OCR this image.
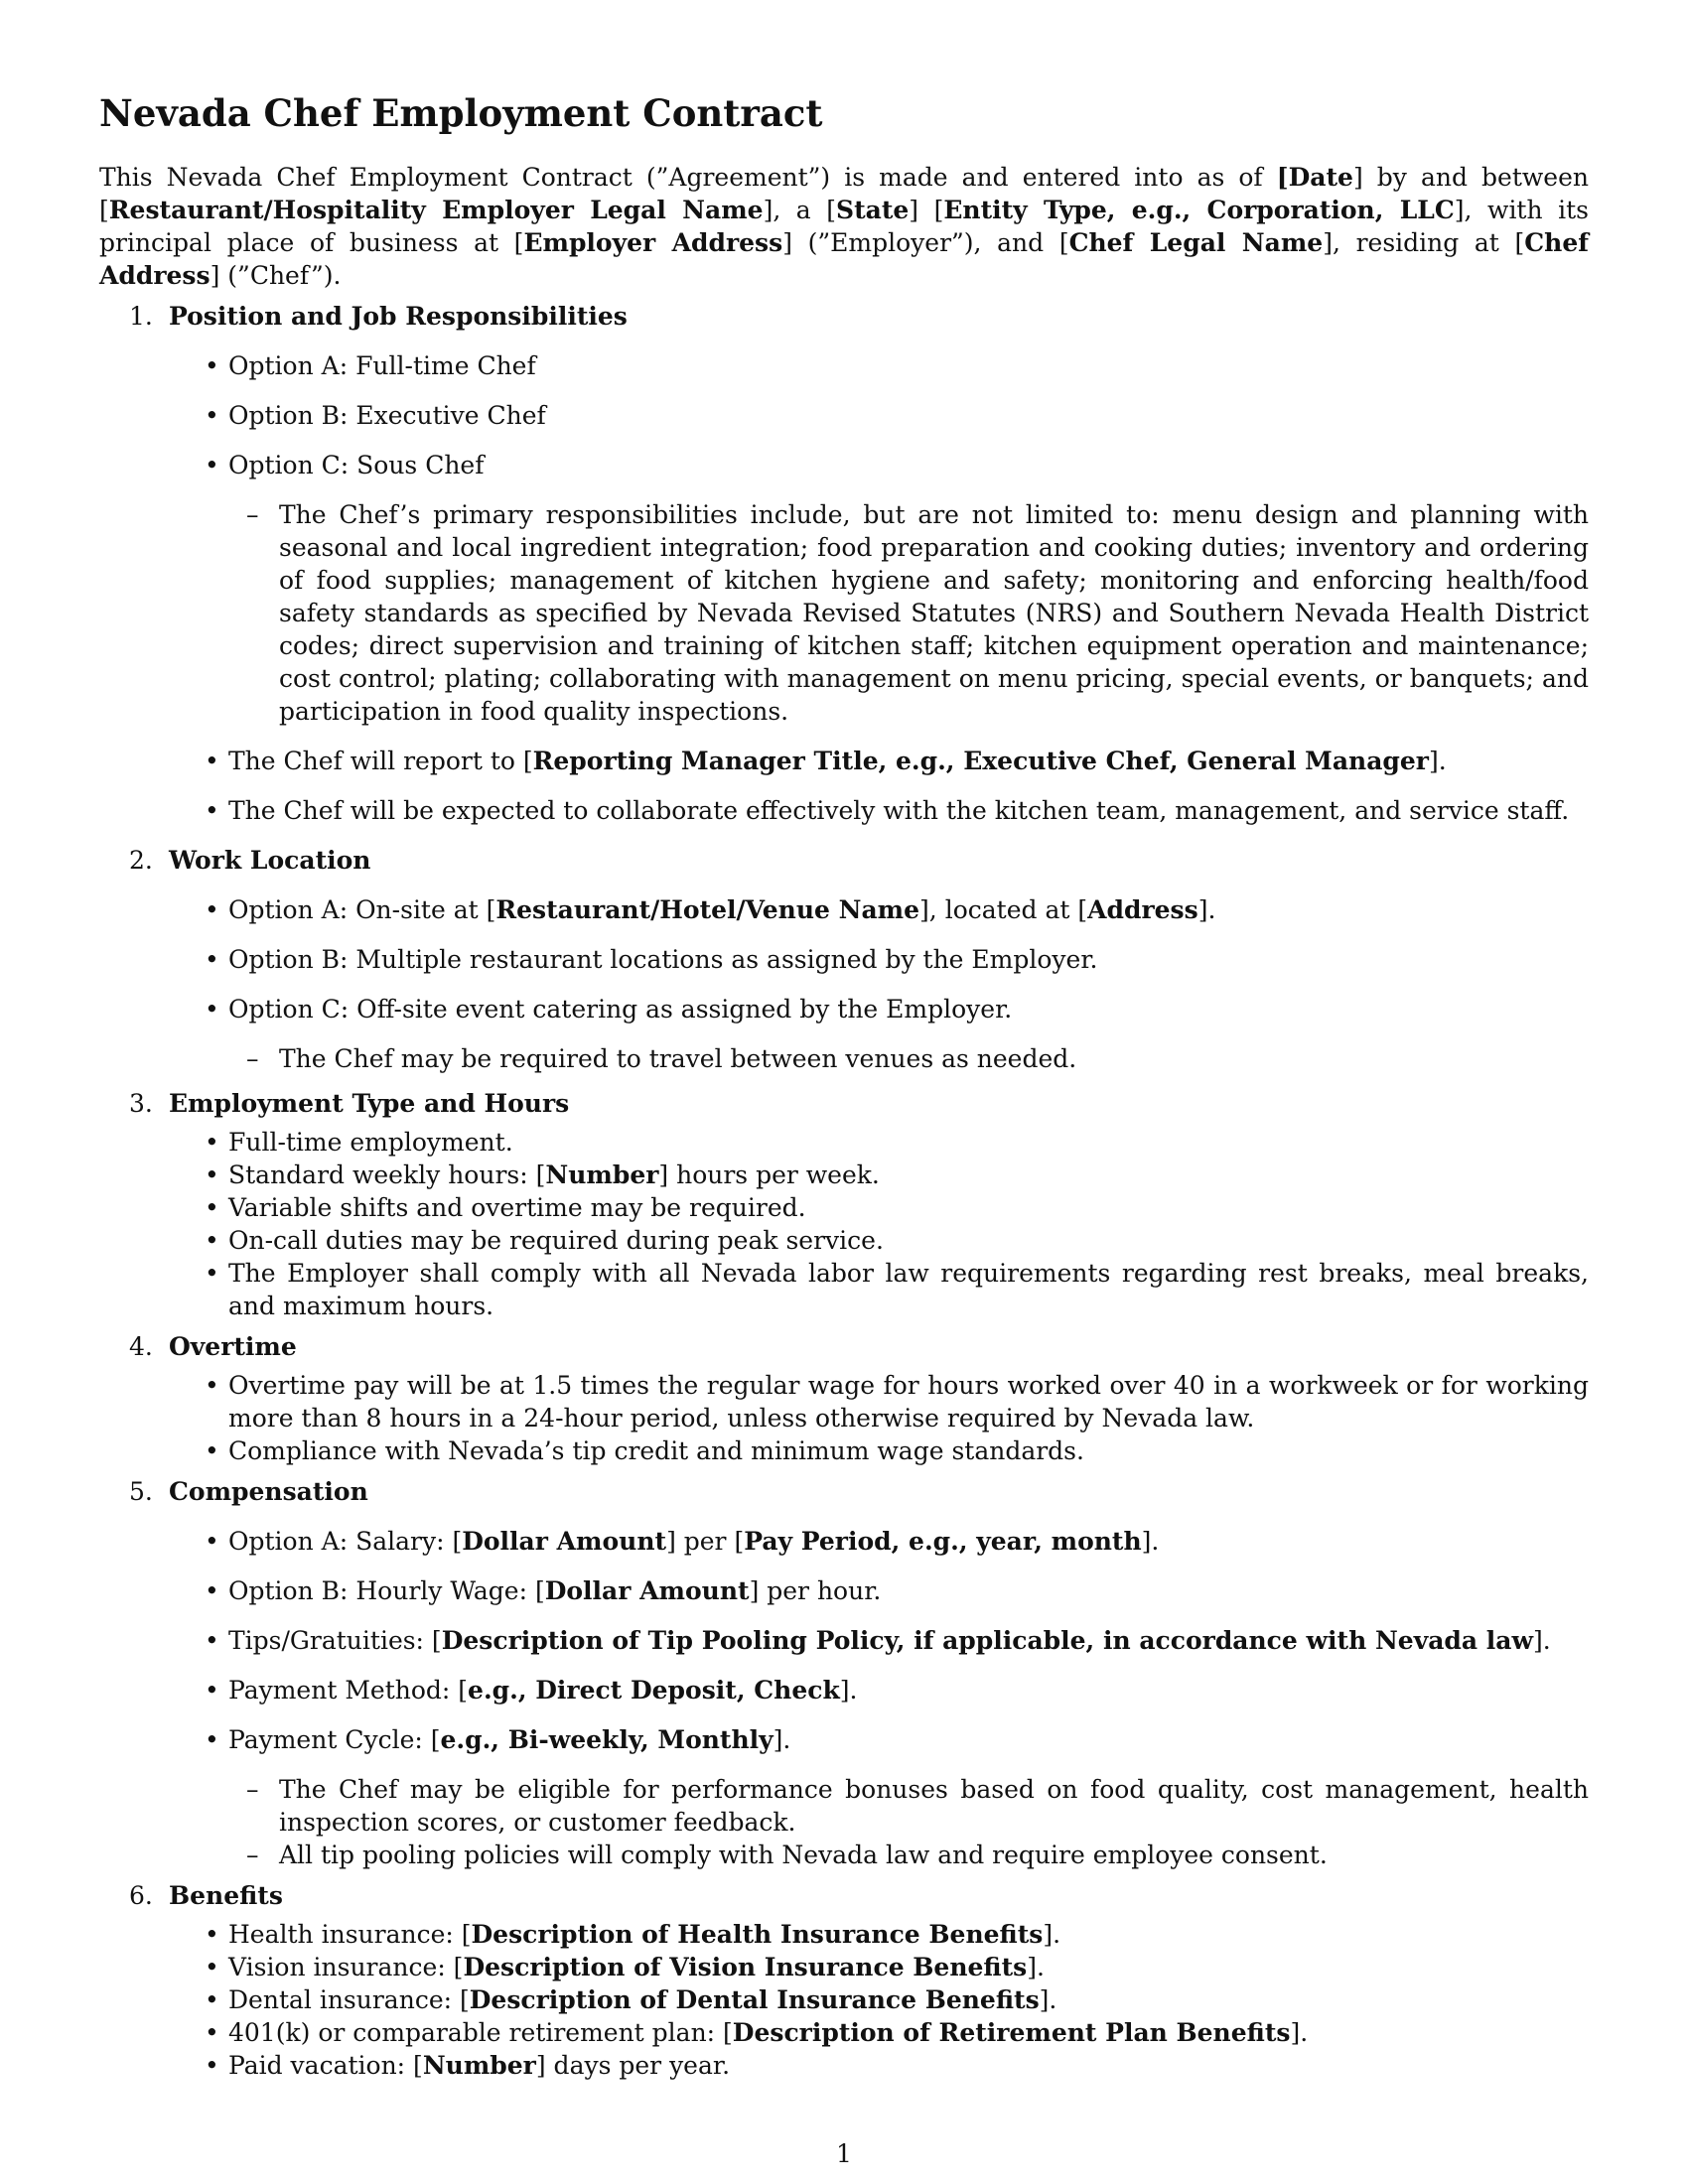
Nevada Chef Employment Contract

This Nevada Chef Employment Contract (”Agreement”) is made and entered into as of [Date] by and between [Restaurant/Hospitality Employer Legal Name], a [State] [Entity Type, e.g., Corporation, LLC], with its principal place of business at [Employer Address] (”Employer”), and [Chef Legal Name], residing at [Chef Address] (”Chef”).

1. Position and Job Responsibilities
• Option A: Full-time Chef
• Option B: Executive Chef
• Option C: Sous Chef
– The Chef’s primary responsibilities include, but are not limited to: menu design and planning with seasonal and local ingredient integration; food preparation and cooking duties; inventory and ordering of food supplies; management of kitchen hygiene and safety; monitoring and enforcing health/food safety standards as specified by Nevada Revised Statutes (NRS) and Southern Nevada Health District codes; direct supervision and training of kitchen staff; kitchen equipment operation and maintenance; cost control; plating; collaborating with management on menu pricing, special events, or banquets; and participation in food quality inspections.
• The Chef will report to [Reporting Manager Title, e.g., Executive Chef, General Manager].
• The Chef will be expected to collaborate effectively with the kitchen team, management, and service staff.
2. Work Location
• Option A: On-site at [Restaurant/Hotel/Venue Name], located at [Address].
• Option B: Multiple restaurant locations as assigned by the Employer.
• Option C: Off-site event catering as assigned by the Employer.
– The Chef may be required to travel between venues as needed.
3. Employment Type and Hours
• Full-time employment.
• Standard weekly hours: [Number] hours per week.
• Variable shifts and overtime may be required.
• On-call duties may be required during peak service.
• The Employer shall comply with all Nevada labor law requirements regarding rest breaks, meal breaks, and maximum hours.
4. Overtime
• Overtime pay will be at 1.5 times the regular wage for hours worked over 40 in a workweek or for working more than 8 hours in a 24-hour period, unless otherwise required by Nevada law.
• Compliance with Nevada’s tip credit and minimum wage standards.
5. Compensation
• Option A: Salary: [Dollar Amount] per [Pay Period, e.g., year, month].
• Option B: Hourly Wage: [Dollar Amount] per hour.
• Tips/Gratuities: [Description of Tip Pooling Policy, if applicable, in accordance with Nevada law].
• Payment Method: [e.g., Direct Deposit, Check].
• Payment Cycle: [e.g., Bi-weekly, Monthly].
– The Chef may be eligible for performance bonuses based on food quality, cost management, health inspection scores, or customer feedback.
– All tip pooling policies will comply with Nevada law and require employee consent.
6. Benefits
• Health insurance: [Description of Health Insurance Benefits].
• Vision insurance: [Description of Vision Insurance Benefits].
• Dental insurance: [Description of Dental Insurance Benefits].
• 401(k) or comparable retirement plan: [Description of Retirement Plan Benefits].
• Paid vacation: [Number] days per year.
1
